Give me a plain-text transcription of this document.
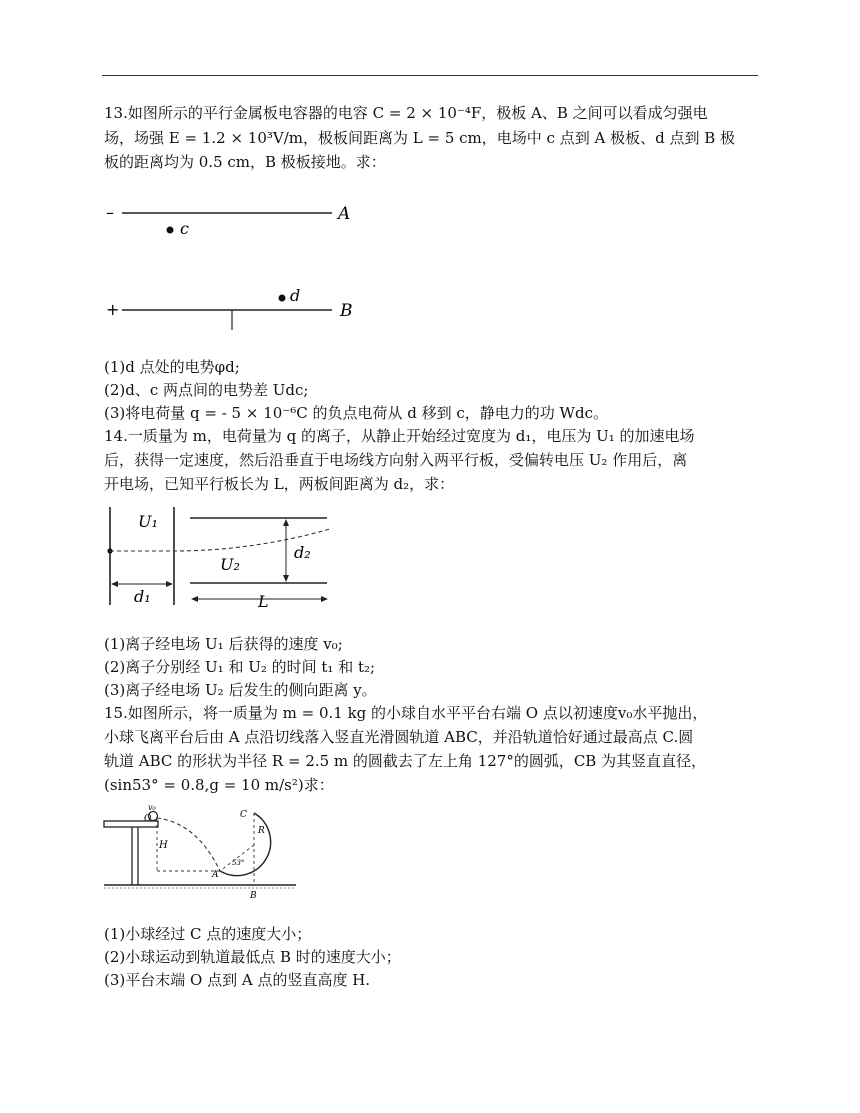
13.如图所示的平行金属板电容器的电容 C = 2 × 10⁻⁴F，极板 A、B 之间可以看成匀强电
场，场强 E = 1.2 × 10³V/m，极板间距离为 L = 5 cm，电场中 c 点到 A 极板、d 点到 B 极
板的距离均为 0.5 cm，B 极板接地。求：
–
+
A
B
c
d
(1)d 点处的电势φd;
(2)d、c 两点间的电势差 Udc;
(3)将电荷量 q = - 5 × 10⁻⁶C 的负点电荷从 d 移到 c，静电力的功 Wdc。
14.一质量为 m，电荷量为 q 的离子，从静止开始经过宽度为 d₁，电压为 U₁ 的加速电场
后，获得一定速度，然后沿垂直于电场线方向射入两平行板，受偏转电压 U₂ 作用后，离
开电场，已知平行板长为 L，两板间距离为 d₂，求：
U₁
U₂
d₁
d₂
L
(1)离子经电场 U₁ 后获得的速度 v₀;
(2)离子分别经 U₁ 和 U₂ 的时间 t₁ 和 t₂;
(3)离子经电场 U₂ 后发生的侧向距离 y。
15.如图所示，将一质量为 m = 0.1 kg 的小球自水平平台右端 O 点以初速度v₀水平抛出，
小球飞离平台后由 A 点沿切线落入竖直光滑圆轨道 ABC，并沿轨道恰好通过最高点 C.圆
轨道 ABC 的形状为半径 R = 2.5 m 的圆截去了左上角 127°的圆弧，CB 为其竖直直径，
(sin53° = 0.8,g = 10 m/s²)求：
v₀
O
H
C
R
A
B
53°
(1)小球经过 C 点的速度大小；
(2)小球运动到轨道最低点 B 时的速度大小；
(3)平台末端 O 点到 A 点的竖直高度 H.
